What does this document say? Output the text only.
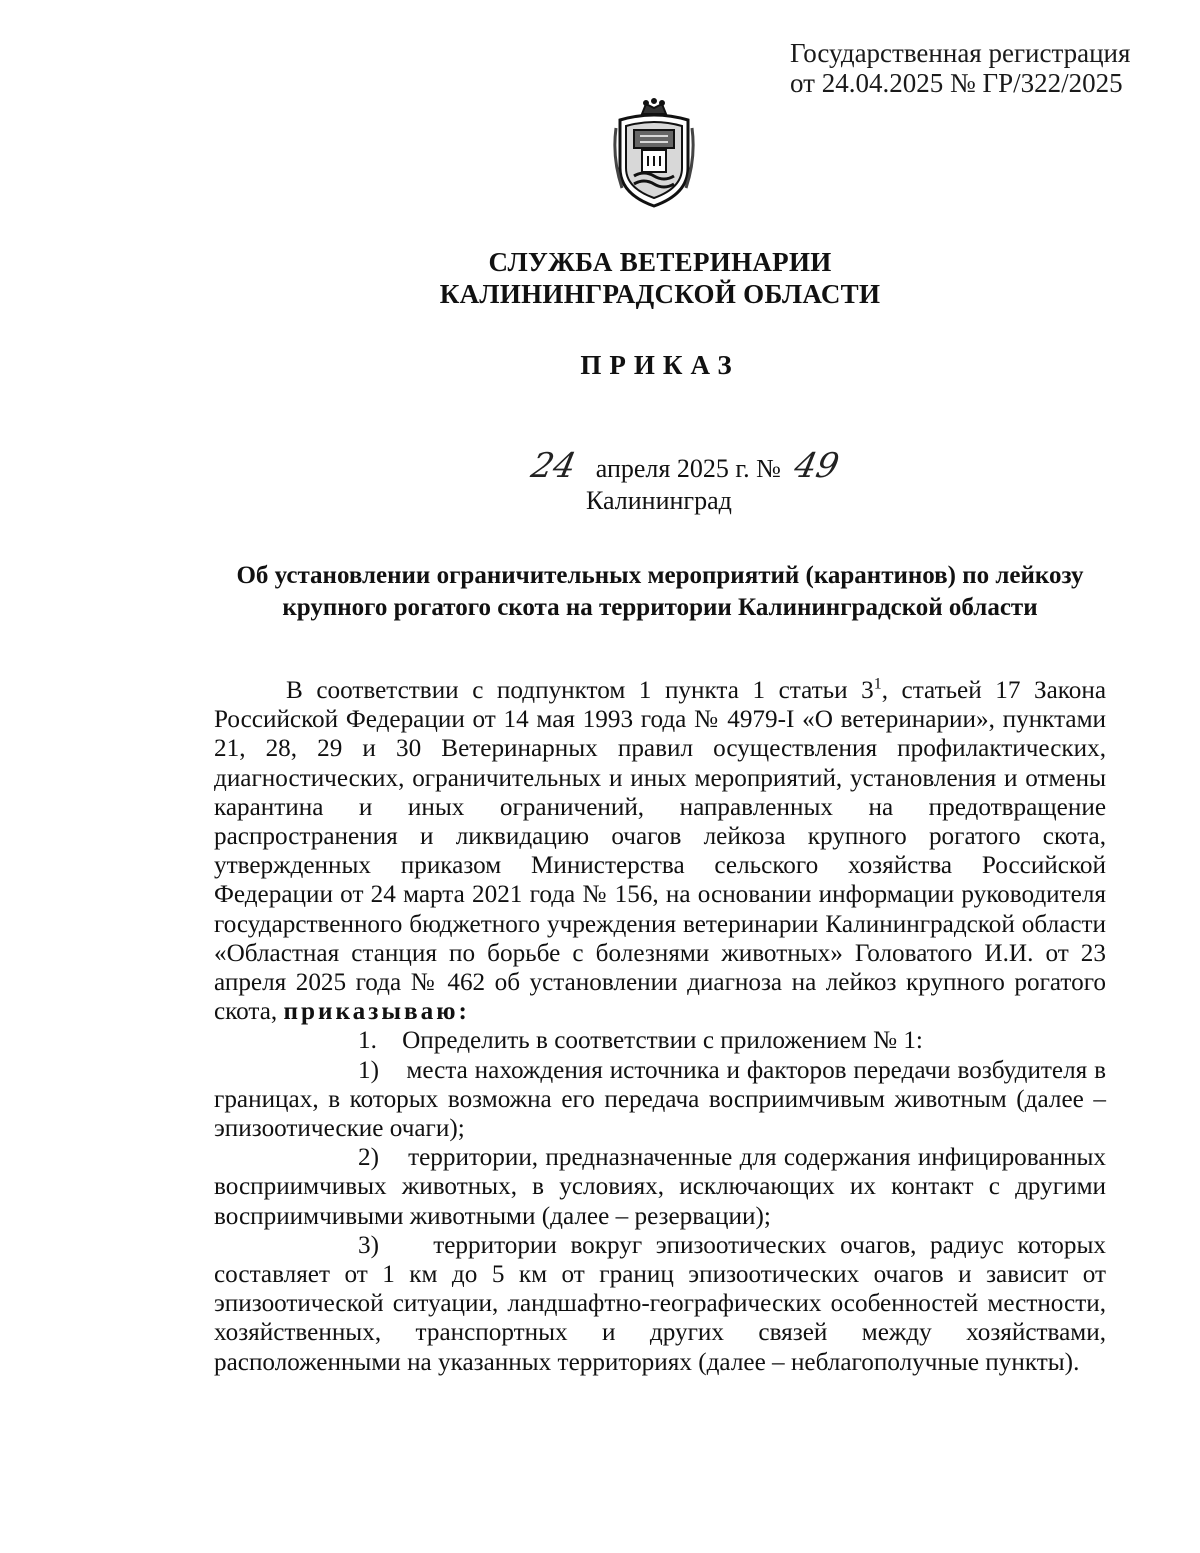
Государственная регистрация
от 24.04.2025 № ГР/322/2025
СЛУЖБА ВЕТЕРИНАРИИ
КАЛИНИНГРАДСКОЙ ОБЛАСТИ
ПРИКАЗ
24 апреля 2025 г. № 49
Калининград
Об установлении ограничительных мероприятий (карантинов) по лейкозу
крупного рогатого скота на территории Калининградской области

В соответствии с подпунктом 1 пункта 1 статьи $3^1$, статьей 17 Закона Российской Федерации от 14 мая 1993 года № 4979-I «О ветеринарии», пунктами 21, 28, 29 и 30 Ветеринарных правил осуществления профилактических, диагностических, ограничительных и иных мероприятий, установления и отмены карантина и иных ограничений, направленных на предотвращение распространения и ликвидацию очагов лейкоза крупного рогатого скота, утвержденных приказом Министерства сельского хозяйства Российской Федерации от 24 марта 2021 года № 156, на основании информации руководителя государственного бюджетного учреждения ветеринарии Калининградской области «Областная станция по борьбе с болезнями животных» Головатого И.И. от 23 апреля 2025 года № 462 об установлении диагноза на лейкоз крупного рогатого скота, приказываю:

1. Определить в соответствии с приложением № 1:

1) места нахождения источника и факторов передачи возбудителя в границах, в которых возможна его передача восприимчивым животным (далее – эпизоотические очаги);

2) территории, предназначенные для содержания инфицированных восприимчивых животных, в условиях, исключающих их контакт с другими восприимчивыми животными (далее – резервации);

3) территории вокруг эпизоотических очагов, радиус которых составляет от 1 км до 5 км от границ эпизоотических очагов и зависит от эпизоотической ситуации, ландшафтно-географических особенностей местности, хозяйственных, транспортных и других связей между хозяйствами, расположенными на указанных территориях (далее – неблагополучные пункты).
